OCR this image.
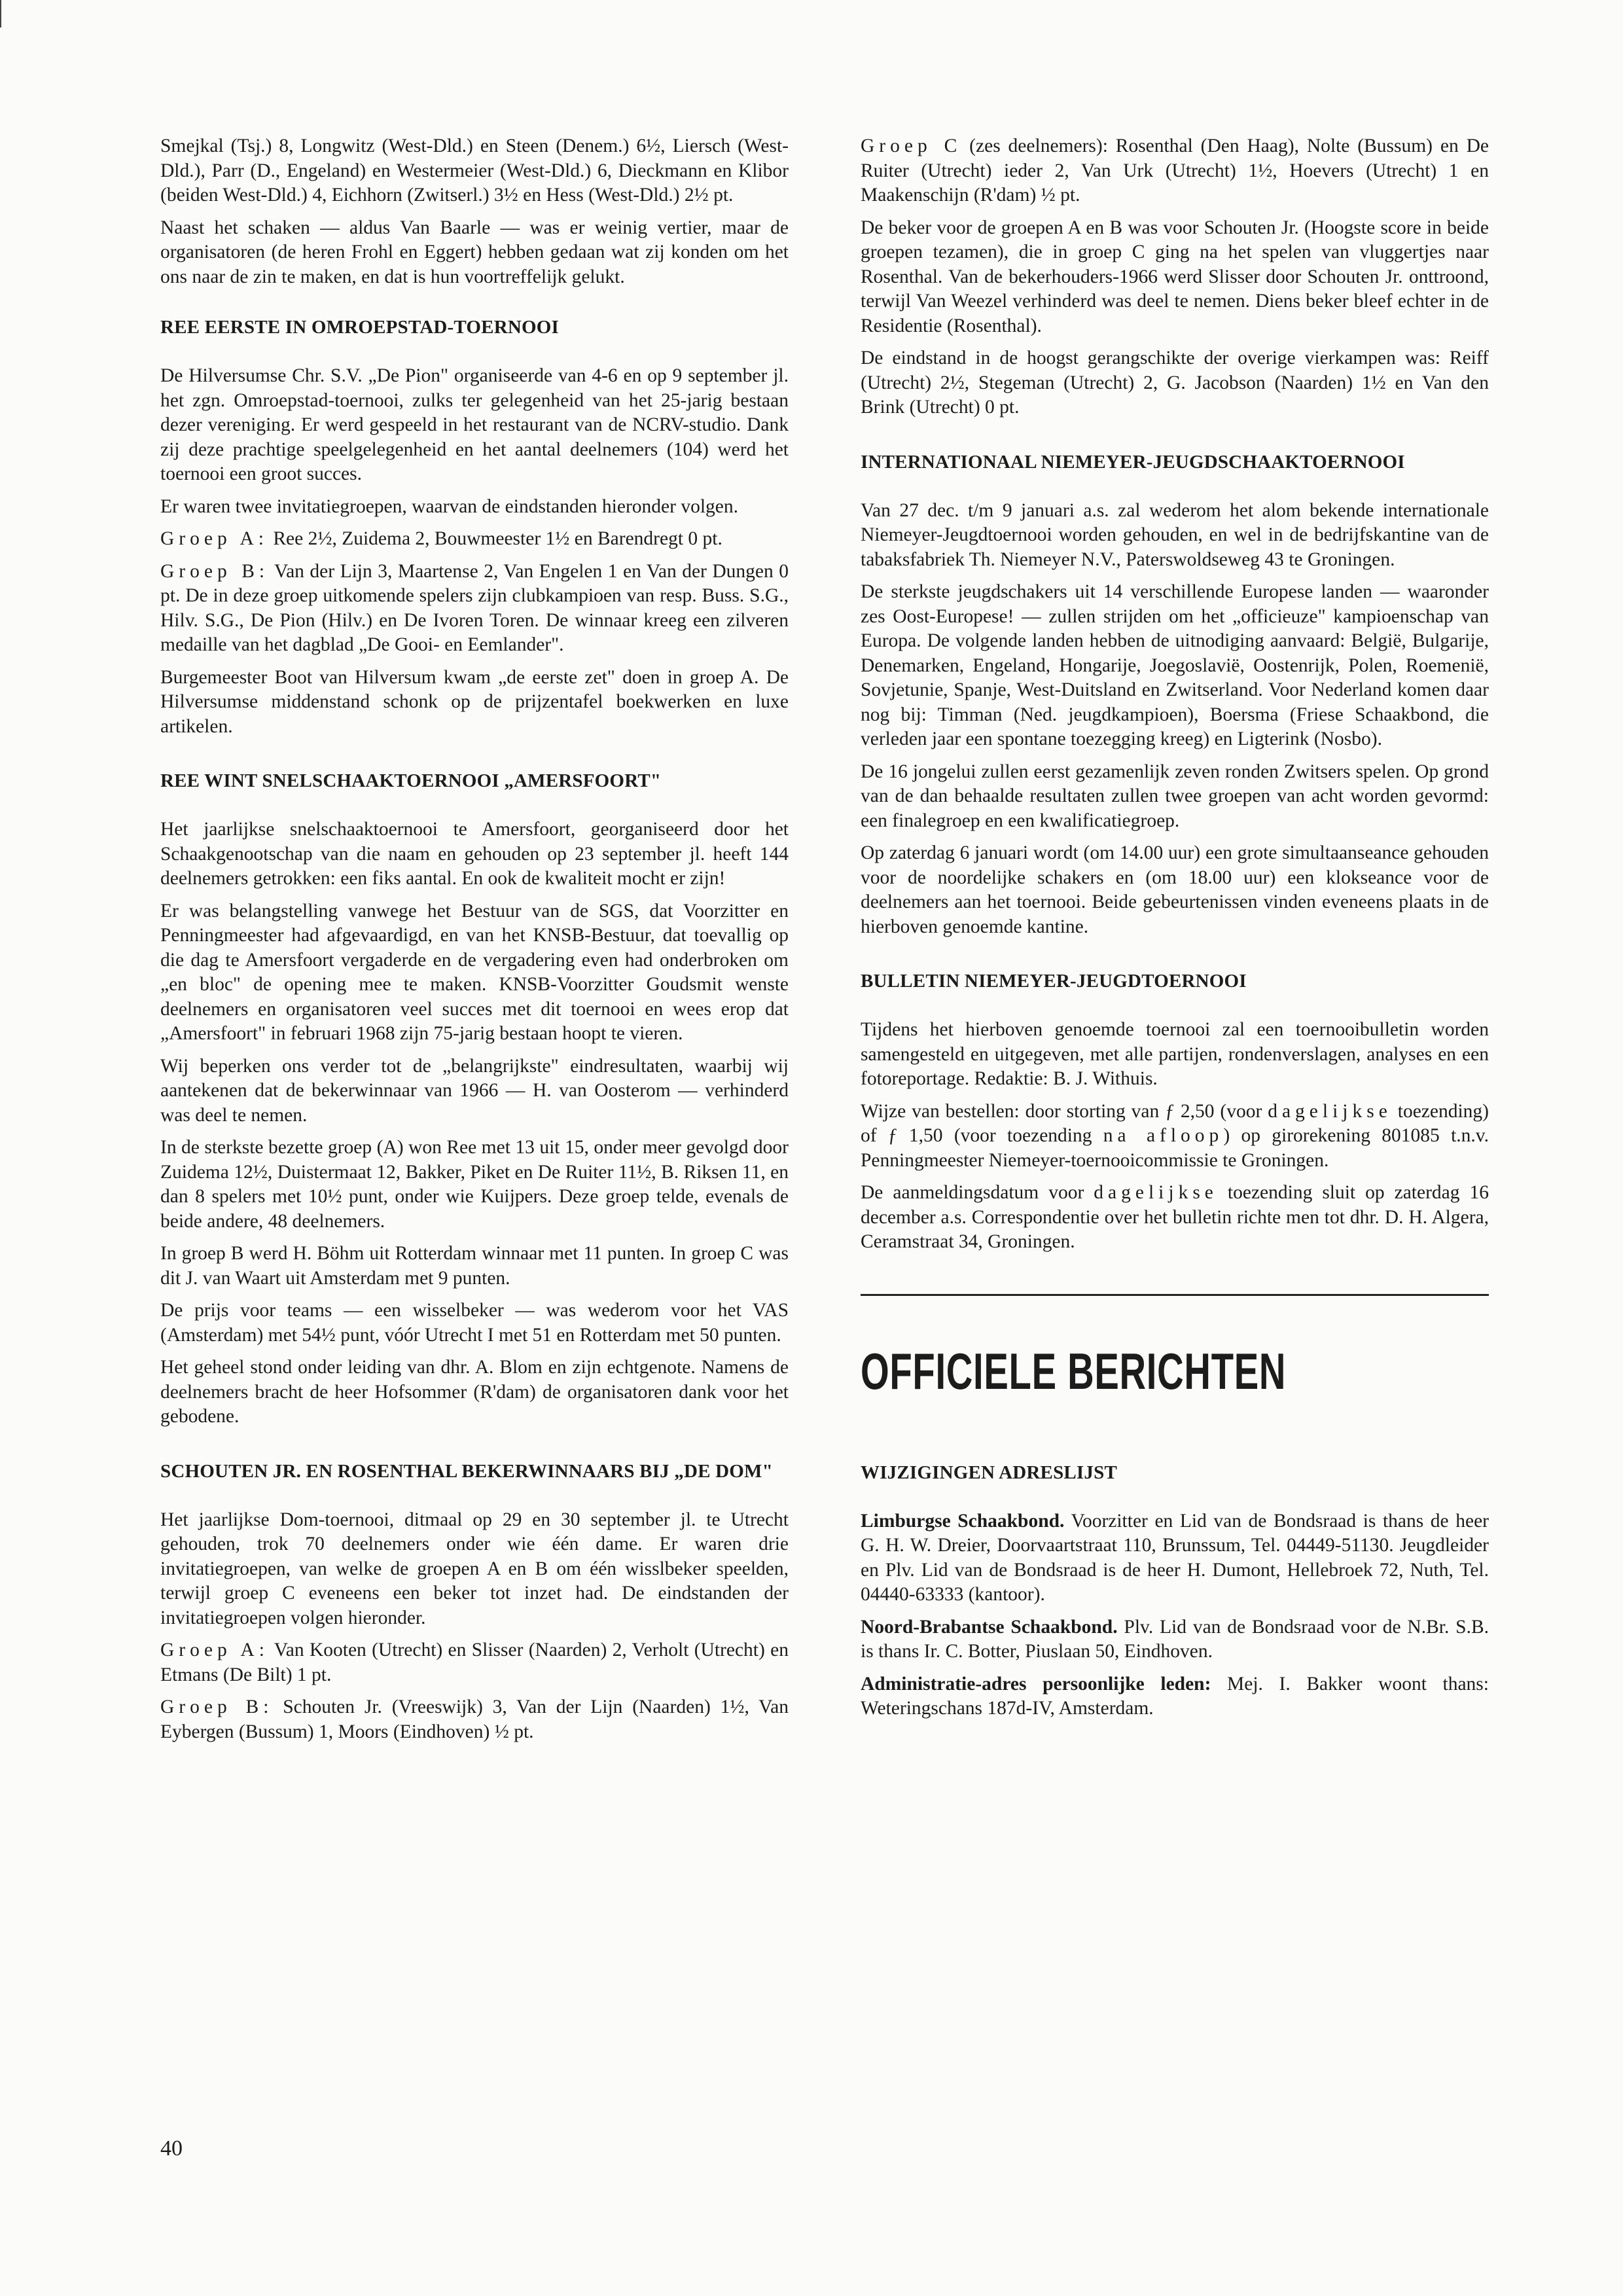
Smejkal (Tsj.) 8, Longwitz (West-Dld.) en Steen (Denem.) 6½, Liersch (West-Dld.), Parr (D., Engeland) en Westermeier (West-Dld.) 6, Dieckmann en Klibor (beiden West-Dld.) 4, Eichhorn (Zwitserl.) 3½ en Hess (West-Dld.) 2½ pt.

Naast het schaken — aldus Van Baarle — was er weinig vertier, maar de organisatoren (de heren Frohl en Eggert) hebben gedaan wat zij konden om het ons naar de zin te maken, en dat is hun voortreffelijk gelukt.

REE EERSTE IN OMROEPSTAD-TOERNOOI

De Hilversumse Chr. S.V. „De Pion" organiseerde van 4-6 en op 9 september jl. het zgn. Omroepstad-toernooi, zulks ter gelegenheid van het 25-jarig bestaan dezer vereniging. Er werd gespeeld in het restaurant van de NCRV-studio. Dank zij deze prachtige speelgelegenheid en het aantal deelnemers (104) werd het toernooi een groot succes.

Er waren twee invitatiegroepen, waarvan de eindstanden hieronder volgen.

Groep A: Ree 2½, Zuidema 2, Bouwmeester 1½ en Barendregt 0 pt.

Groep B: Van der Lijn 3, Maartense 2, Van Engelen 1 en Van der Dungen 0 pt. De in deze groep uitkomende spelers zijn clubkampioen van resp. Buss. S.G., Hilv. S.G., De Pion (Hilv.) en De Ivoren Toren. De winnaar kreeg een zilveren medaille van het dagblad „De Gooi- en Eemlander".

Burgemeester Boot van Hilversum kwam „de eerste zet" doen in groep A. De Hilversumse middenstand schonk op de prijzentafel boekwerken en luxe artikelen.

REE WINT SNELSCHAAKTOERNOOI „AMERSFOORT"

Het jaarlijkse snelschaaktoernooi te Amersfoort, georganiseerd door het Schaakgenootschap van die naam en gehouden op 23 september jl. heeft 144 deelnemers getrokken: een fiks aantal. En ook de kwaliteit mocht er zijn!

Er was belangstelling vanwege het Bestuur van de SGS, dat Voorzitter en Penningmeester had afgevaardigd, en van het KNSB-Bestuur, dat toevallig op die dag te Amersfoort vergaderde en de vergadering even had onderbroken om „en bloc" de opening mee te maken. KNSB-Voorzitter Goudsmit wenste deelnemers en organisatoren veel succes met dit toernooi en wees erop dat „Amersfoort" in februari 1968 zijn 75-jarig bestaan hoopt te vieren.

Wij beperken ons verder tot de „belangrijkste" eindresultaten, waarbij wij aantekenen dat de bekerwinnaar van 1966 — H. van Oosterom — verhinderd was deel te nemen.

In de sterkste bezette groep (A) won Ree met 13 uit 15, onder meer gevolgd door Zuidema 12½, Duistermaat 12, Bakker, Piket en De Ruiter 11½, B. Riksen 11, en dan 8 spelers met 10½ punt, onder wie Kuijpers. Deze groep telde, evenals de beide andere, 48 deelnemers.

In groep B werd H. Böhm uit Rotterdam winnaar met 11 punten. In groep C was dit J. van Waart uit Amsterdam met 9 punten.

De prijs voor teams — een wisselbeker — was wederom voor het VAS (Amsterdam) met 54½ punt, vóór Utrecht I met 51 en Rotterdam met 50 punten.

Het geheel stond onder leiding van dhr. A. Blom en zijn echtgenote. Namens de deelnemers bracht de heer Hofsommer (R'dam) de organisatoren dank voor het gebodene.

SCHOUTEN JR. EN ROSENTHAL BEKERWINNAARS BIJ „DE DOM"

Het jaarlijkse Dom-toernooi, ditmaal op 29 en 30 september jl. te Utrecht gehouden, trok 70 deelnemers onder wie één dame. Er waren drie invitatiegroepen, van welke de groepen A en B om één wisslbeker speelden, terwijl groep C eveneens een beker tot inzet had. De eindstanden der invitatiegroepen volgen hieronder.

Groep A: Van Kooten (Utrecht) en Slisser (Naarden) 2, Verholt (Utrecht) en Etmans (De Bilt) 1 pt.

Groep B: Schouten Jr. (Vreeswijk) 3, Van der Lijn (Naarden) 1½, Van Eybergen (Bussum) 1, Moors (Eindhoven) ½ pt.

Groep C (zes deelnemers): Rosenthal (Den Haag), Nolte (Bussum) en De Ruiter (Utrecht) ieder 2, Van Urk (Utrecht) 1½, Hoevers (Utrecht) 1 en Maakenschijn (R'dam) ½ pt.

De beker voor de groepen A en B was voor Schouten Jr. (Hoogste score in beide groepen tezamen), die in groep C ging na het spelen van vluggertjes naar Rosenthal. Van de bekerhouders-1966 werd Slisser door Schouten Jr. onttroond, terwijl Van Weezel verhinderd was deel te nemen. Diens beker bleef echter in de Residentie (Rosenthal).

De eindstand in de hoogst gerangschikte der overige vierkampen was: Reiff (Utrecht) 2½, Stegeman (Utrecht) 2, G. Jacobson (Naarden) 1½ en Van den Brink (Utrecht) 0 pt.

INTERNATIONAAL NIEMEYER-JEUGDSCHAAKTOERNOOI

Van 27 dec. t/m 9 januari a.s. zal wederom het alom bekende internationale Niemeyer-Jeugdtoernooi worden gehouden, en wel in de bedrijfskantine van de tabaksfabriek Th. Niemeyer N.V., Paterswoldseweg 43 te Groningen.

De sterkste jeugdschakers uit 14 verschillende Europese landen — waaronder zes Oost-Europese! — zullen strijden om het „officieuze" kampioenschap van Europa. De volgende landen hebben de uitnodiging aanvaard: België, Bulgarije, Denemarken, Engeland, Hongarije, Joegoslavië, Oostenrijk, Polen, Roemenië, Sovjetunie, Spanje, West-Duitsland en Zwitserland. Voor Nederland komen daar nog bij: Timman (Ned. jeugdkampioen), Boersma (Friese Schaakbond, die verleden jaar een spontane toezegging kreeg) en Ligterink (Nosbo).

De 16 jongelui zullen eerst gezamenlijk zeven ronden Zwitsers spelen. Op grond van de dan behaalde resultaten zullen twee groepen van acht worden gevormd: een finalegroep en een kwalificatiegroep.

Op zaterdag 6 januari wordt (om 14.00 uur) een grote simultaanseance gehouden voor de noordelijke schakers en (om 18.00 uur) een klokseance voor de deelnemers aan het toernooi. Beide gebeurtenissen vinden eveneens plaats in de hierboven genoemde kantine.

BULLETIN NIEMEYER-JEUGDTOERNOOI

Tijdens het hierboven genoemde toernooi zal een toernooibulletin worden samengesteld en uitgegeven, met alle partijen, rondenverslagen, analyses en een fotoreportage. Redaktie: B. J. Withuis.

Wijze van bestellen: door storting van ƒ 2,50 (voor dagelijkse toezending) of ƒ 1,50 (voor toezending na afloop) op girorekening 801085 t.n.v. Penningmeester Niemeyer-toernooicommissie te Groningen.

De aanmeldingsdatum voor dagelijkse toezending sluit op zaterdag 16 december a.s. Correspondentie over het bulletin richte men tot dhr. D. H. Algera, Ceramstraat 34, Groningen.

OFFICIELE BERICHTEN
WIJZIGINGEN ADRESLIJST

Limburgse Schaakbond. Voorzitter en Lid van de Bondsraad is thans de heer G. H. W. Dreier, Doorvaartstraat 110, Brunssum, Tel. 04449-51130. Jeugdleider en Plv. Lid van de Bondsraad is de heer H. Dumont, Hellebroek 72, Nuth, Tel. 04440-63333 (kantoor).

Noord-Brabantse Schaakbond. Plv. Lid van de Bondsraad voor de N.Br. S.B. is thans Ir. C. Botter, Piuslaan 50, Eindhoven.

Administratie-adres persoonlijke leden: Mej. I. Bakker woont thans: Weteringschans 187d-IV, Amsterdam.

40
